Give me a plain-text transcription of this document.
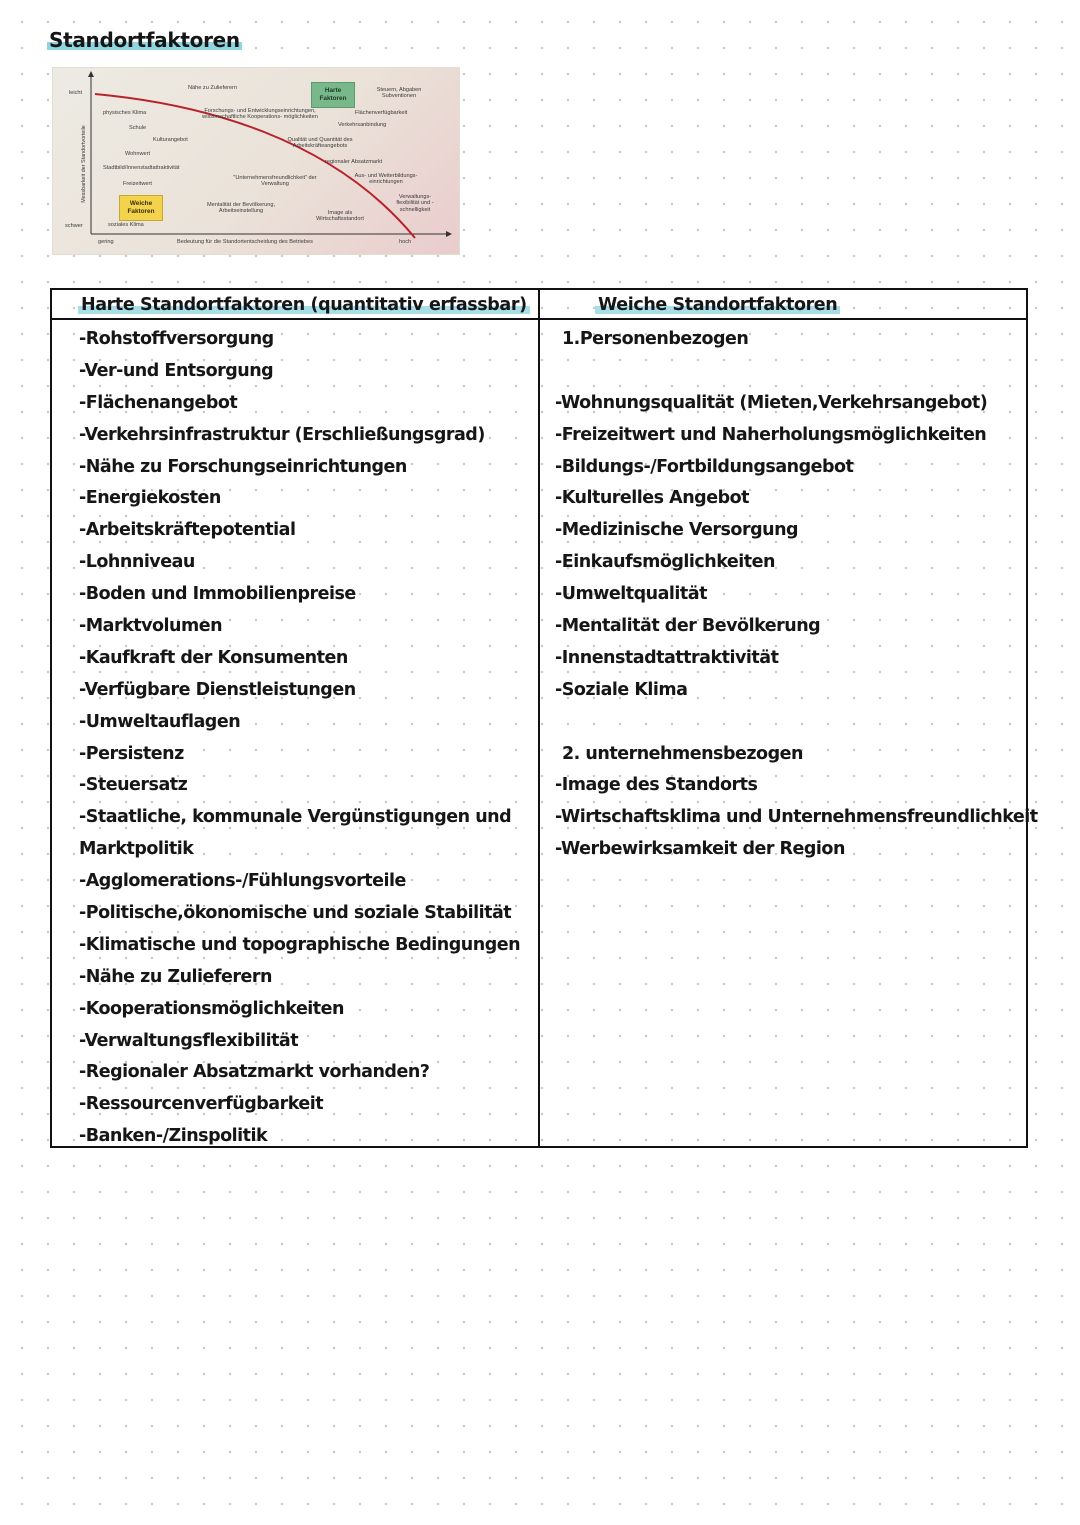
Standortfaktoren
Messbarkeit der Standortvorteile
leicht
schwer
gering	Bedeutung für die Standortentscheidung des Betriebes	hoch
Harte Faktoren
Weiche Faktoren
Nähe zu Zulieferern	Steuern, Abgaben Subventionen
physisches Klima	Forschungs- und Entwicklungseinrichtungen, wissenschaftliche Kooperations- möglichkeiten
Flächenverfügbarkeit
Schule	Verkehrsanbindung
Kulturangebot	Qualität und Quantität des Arbeitskräfteangebots
Wohnwert
regionaler Absatzmarkt
Stadtbild/Innenstadtattraktivität
"Unternehmensfreundlichkeit" der Verwaltung
Aus- und Weiterbildungs- einrichtungen
Freizeitwert
Verwaltungs- flexibilität und -schnelligkeit
Mentalität der Bevölkerung, Arbeitseinstellung	Image als Wirtschaftsstandort
soziales Klima
Harte Standortfaktoren (quantitativ erfassbar)	Weiche Standortfaktoren
-Rohstoffversorgung
-Ver-und Entsorgung
-Flächenangebot
-Verkehrsinfrastruktur (Erschließungsgrad)
-Nähe zu Forschungseinrichtungen
-Energiekosten
-Arbeitskräftepotential
-Lohnniveau
-Boden und Immobilienpreise
-Marktvolumen
-Kaufkraft der Konsumenten
-Verfügbare Dienstleistungen
-Umweltauflagen
-Persistenz
-Steuersatz
-Staatliche, kommunale Vergünstigungen und
Marktpolitik
-Agglomerations-/Fühlungsvorteile
-Politische,ökonomische und soziale Stabilität
-Klimatische und topographische Bedingungen
-Nähe zu Zulieferern
-Kooperationsmöglichkeiten
-Verwaltungsflexibilität
-Regionaler Absatzmarkt vorhanden?
-Ressourcenverfügbarkeit
-Banken-/Zinspolitik
1.Personenbezogen
-Wohnungsqualität (Mieten,Verkehrsangebot)
-Freizeitwert und Naherholungsmöglichkeiten
-Bildungs-/Fortbildungsangebot
-Kulturelles Angebot
-Medizinische Versorgung
-Einkaufsmöglichkeiten
-Umweltqualität
-Mentalität der Bevölkerung
-Innenstadtattraktivität
-Soziale Klima
2. unternehmensbezogen
-Image des Standorts
-Wirtschaftsklima und Unternehmensfreundlichkeit
-Werbewirksamkeit der Region
